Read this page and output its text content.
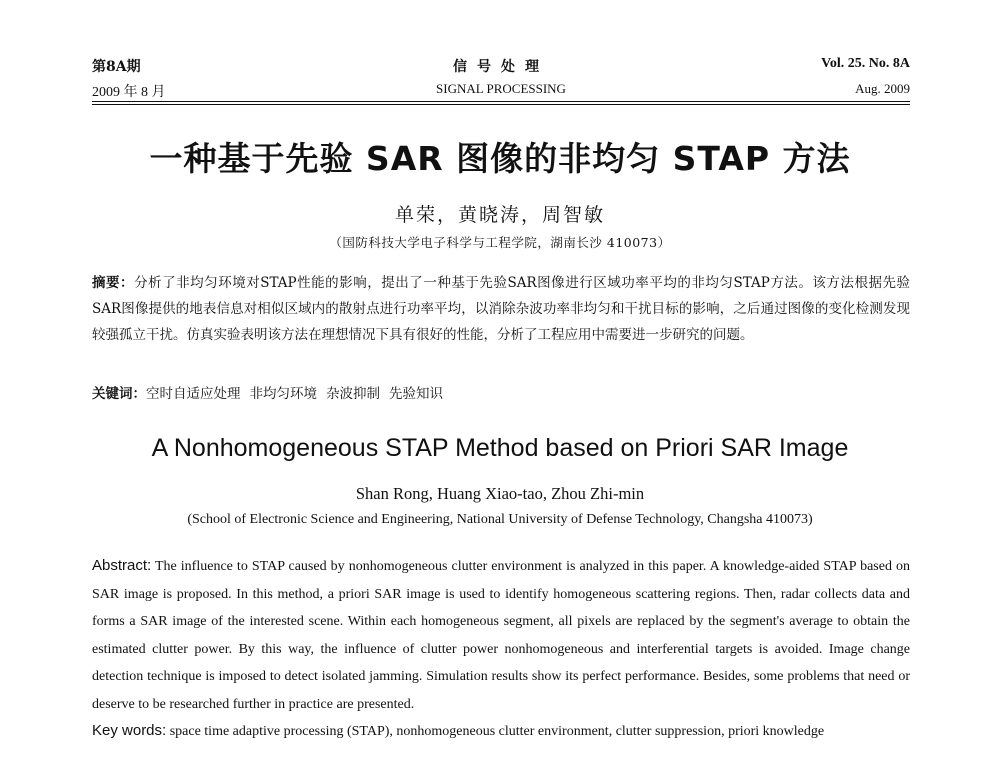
第8A期	信号处理	Vol. 25. No. 8A
2009 年 8 月	SIGNAL PROCESSING	Aug. 2009
一种基于先验 SAR 图像的非均匀 STAP 方法
单荣，黄晓涛，周智敏
（国防科技大学电子科学与工程学院，湖南长沙 410073）

摘要：分析了非均匀环境对STAP性能的影响，提出了一种基于先验SAR图像进行区域功率平均的非均匀STAP方法。该方法根据先验SAR图像提供的地表信息对相似区域内的散射点进行功率平均，以消除杂波功率非均匀和干扰目标的影响，之后通过图像的变化检测发现较强孤立干扰。仿真实验表明该方法在理想情况下具有很好的性能，分析了工程应用中需要进一步研究的问题。

关键词：空时自适应处理 非均匀环境 杂波抑制 先验知识

A Nonhomogeneous STAP Method based on Priori SAR Image
Shan Rong, Huang Xiao-tao, Zhou Zhi-min
(School of Electronic Science and Engineering, National University of Defense Technology, Changsha 410073)

Abstract: The influence to STAP caused by nonhomogeneous clutter environment is analyzed in this paper. A knowledge-aided STAP based on SAR image is proposed. In this method, a priori SAR image is used to identify homogeneous scattering regions. Then, radar collects data and forms a SAR image of the interested scene. Within each homogeneous segment, all pixels are replaced by the segment's average to obtain the estimated clutter power. By this way, the influence of clutter power nonhomogeneous and interferential targets is avoided. Image change detection technique is imposed to detect isolated jamming. Simulation results show its perfect performance. Besides, some problems that need or deserve to be researched further in practice are presented.

Key words: space time adaptive processing (STAP), nonhomogeneous clutter environment, clutter suppression, priori knowledge
